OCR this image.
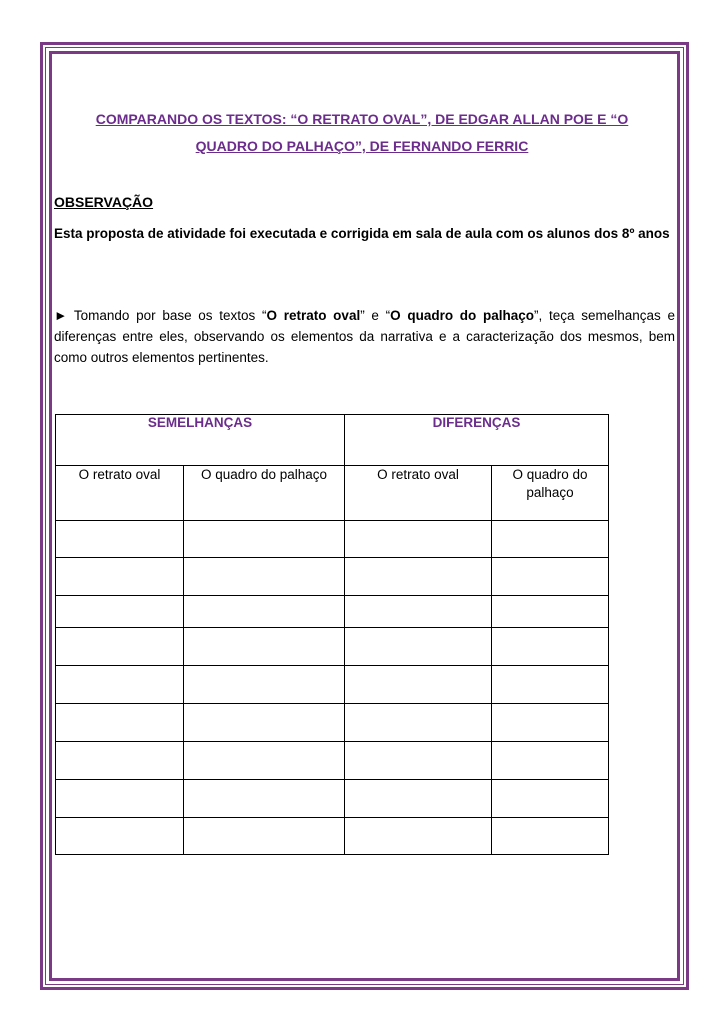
COMPARANDO OS TEXTOS: “O RETRATO OVAL”, DE EDGAR ALLAN POE E “O
QUADRO DO PALHAÇO”, DE FERNANDO FERRIC
OBSERVAÇÃO
Esta proposta de atividade foi executada e corrigida em sala de aula com os alunos dos 8º anos
► Tomando por base os textos “O retrato oval” e “O quadro do palhaço”, teça semelhanças e diferenças entre eles, observando os elementos da narrativa e a caracterização dos mesmos, bem como outros elementos pertinentes.
SEMELHANÇAS		DIFERENÇAS	
O retrato oval	O quadro do palhaço	O retrato oval	O quadro do palhaço
